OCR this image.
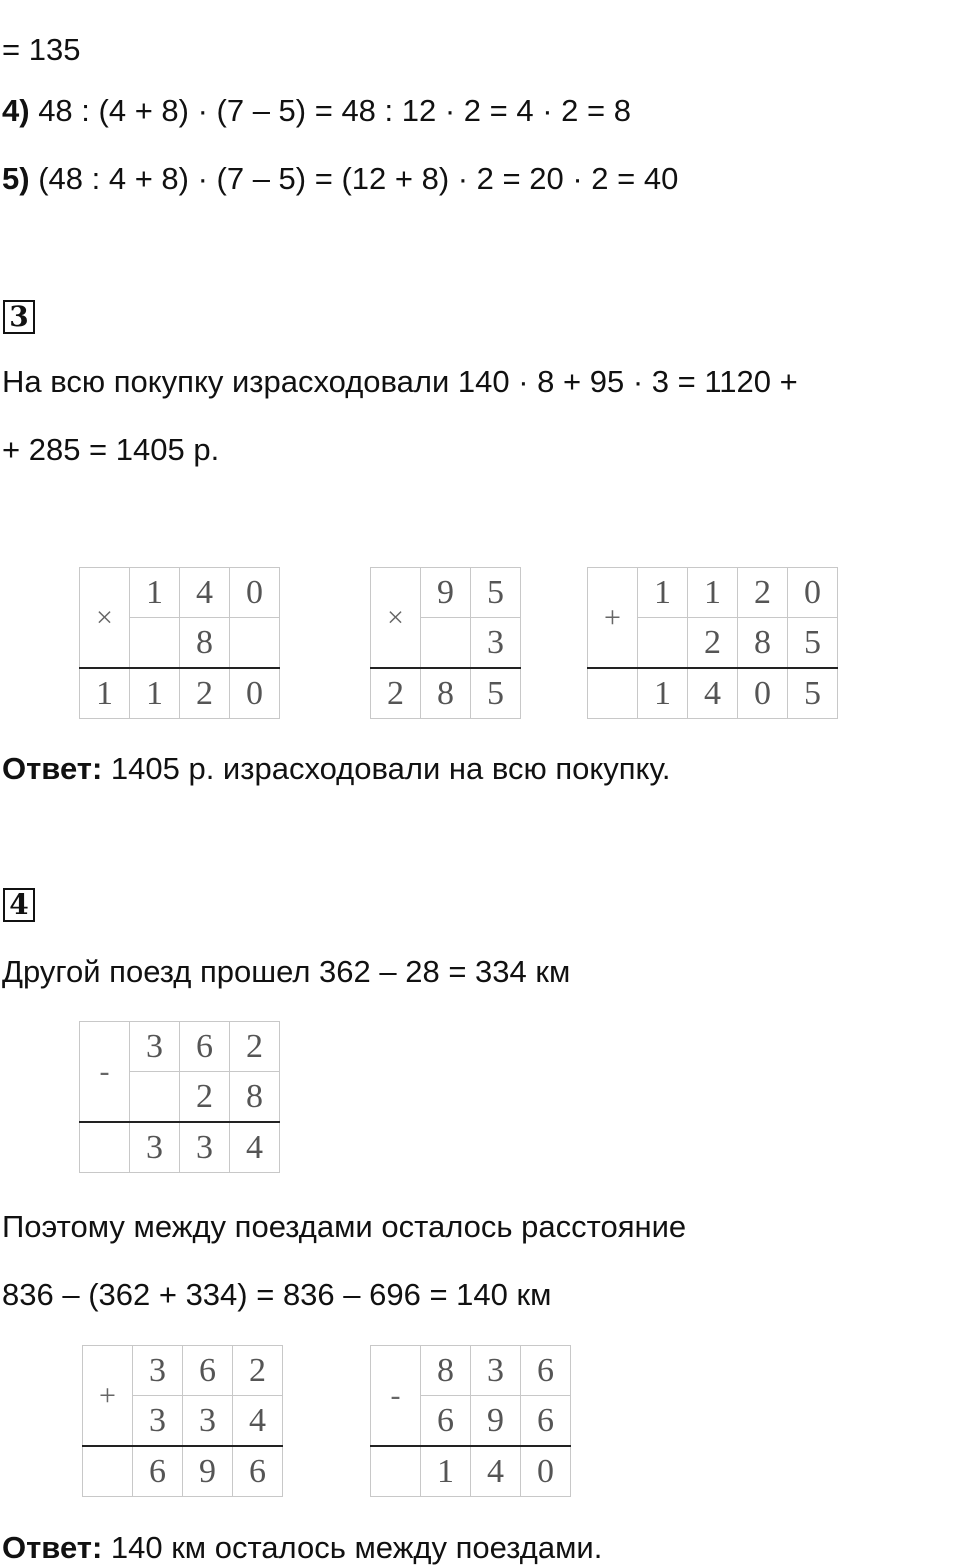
= 135
4) 48 : (4 + 8) · (7 – 5) = 48 : 12 · 2 = 4 · 2 = 8
5) (48 : 4 + 8) · (7 – 5) = (12 + 8) · 2 = 20 · 2 = 40
3
На всю покупку израсходовали 140 · 8 + 95 · 3 = 1120 +
+ 285 = 1405 р.
×	1	4	0
		8	
1	1	2	0
×	9	5
		3
2	8	5
+	1	1	2	0
		2	8	5
	1	4	0	5
Ответ: 1405 р. израсходовали на всю покупку.
4
Другой поезд прошел 362 – 28 = 334 км
-	3	6	2
		2	8
	3	3	4
Поэтому между поездами осталось расстояние
836 – (362 + 334) = 836 – 696 = 140 км
+	3	6	2
	3	3	4
	6	9	6
-	8	3	6
	6	9	6
	1	4	0
Ответ: 140 км осталось между поездами.
